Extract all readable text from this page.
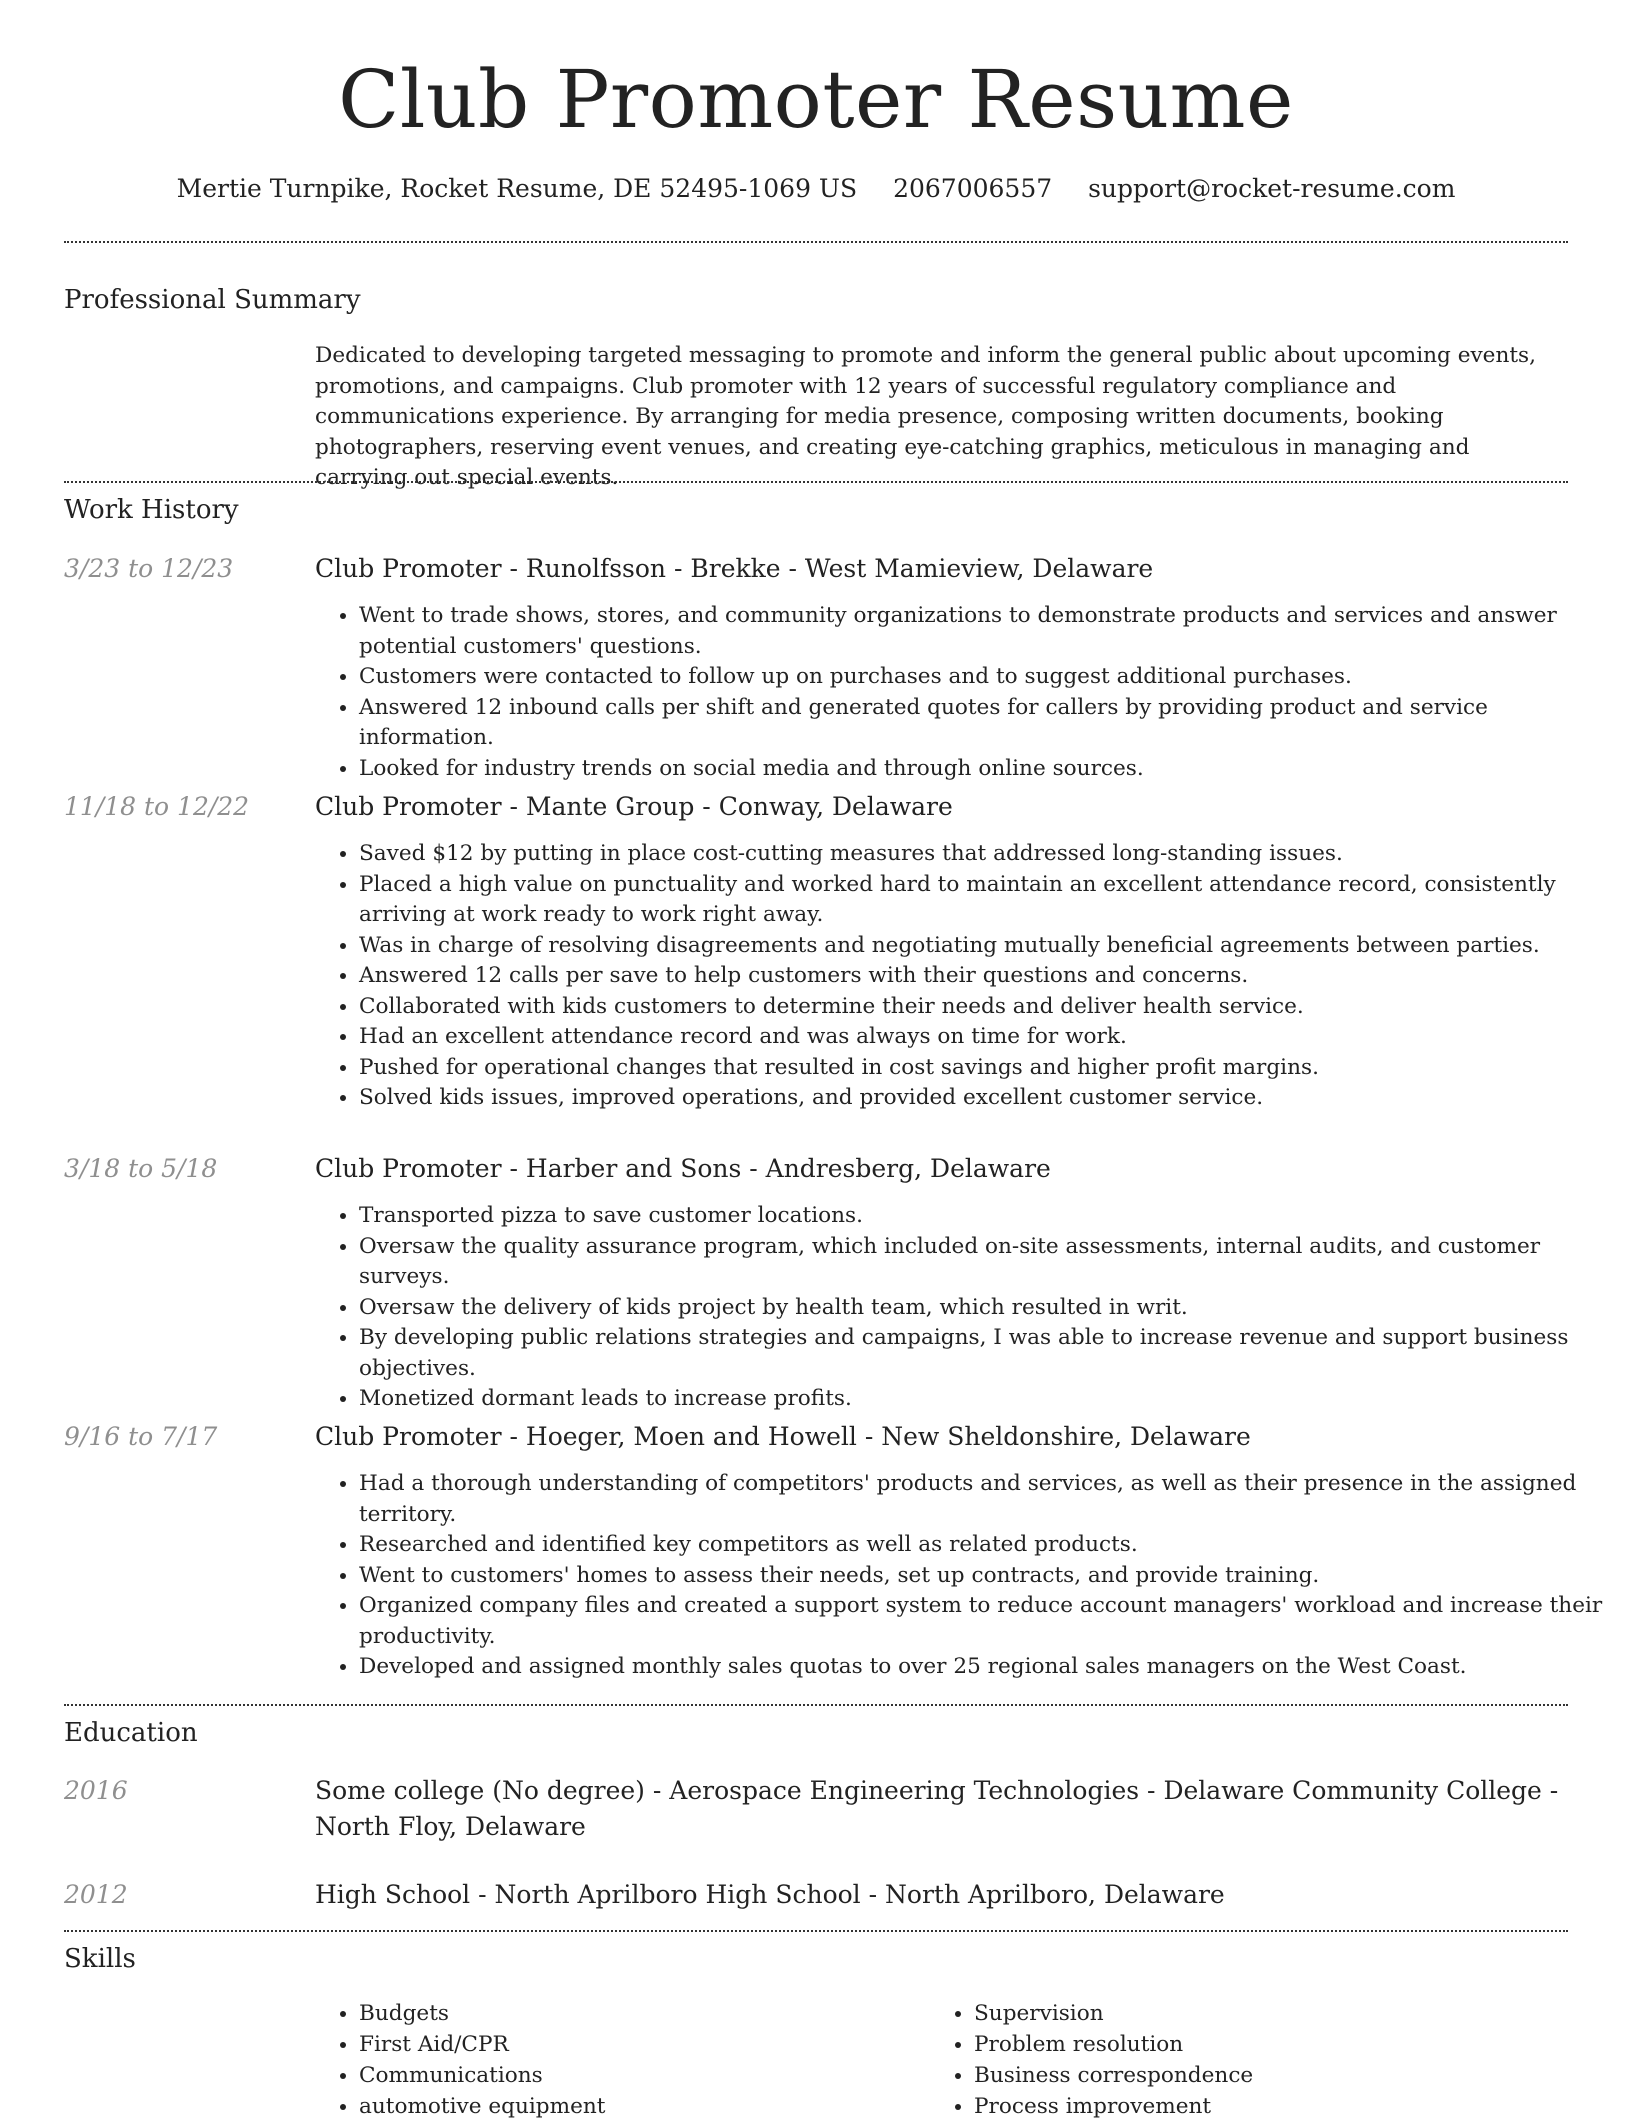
Club Promoter Resume
Mertie Turnpike, Rocket Resume, DE 52495-1069 US 2067006557 support@rocket-resume.com
Professional Summary
Dedicated to developing targeted messaging to promote and inform the general public about upcoming events, promotions, and campaigns. Club promoter with 12 years of successful regulatory compliance and communications experience. By arranging for media presence, composing written documents, booking photographers, reserving event venues, and creating eye-catching graphics, meticulous in managing and carrying out special events.
Work History
3/23 to 12/23	Club Promoter - Runolfsson - Brekke - West Mamieview, Delaware
• Went to trade shows, stores, and community organizations to demonstrate products and services and answer potential customers' questions.
• Customers were contacted to follow up on purchases and to suggest additional purchases.
• Answered 12 inbound calls per shift and generated quotes for callers by providing product and service information.
• Looked for industry trends on social media and through online sources.
11/18 to 12/22	Club Promoter - Mante Group - Conway, Delaware
• Saved $12 by putting in place cost-cutting measures that addressed long-standing issues.
• Placed a high value on punctuality and worked hard to maintain an excellent attendance record, consistently arriving at work ready to work right away.
• Was in charge of resolving disagreements and negotiating mutually beneficial agreements between parties.
• Answered 12 calls per save to help customers with their questions and concerns.
• Collaborated with kids customers to determine their needs and deliver health service.
• Had an excellent attendance record and was always on time for work.
• Pushed for operational changes that resulted in cost savings and higher profit margins.
• Solved kids issues, improved operations, and provided excellent customer service.
3/18 to 5/18	Club Promoter - Harber and Sons - Andresberg, Delaware
• Transported pizza to save customer locations.
• Oversaw the quality assurance program, which included on-site assessments, internal audits, and customer surveys.
• Oversaw the delivery of kids project by health team, which resulted in writ.
• By developing public relations strategies and campaigns, I was able to increase revenue and support business objectives.
• Monetized dormant leads to increase profits.
9/16 to 7/17	Club Promoter - Hoeger, Moen and Howell - New Sheldonshire, Delaware
• Had a thorough understanding of competitors' products and services, as well as their presence in the assigned territory.
• Researched and identified key competitors as well as related products.
• Went to customers' homes to assess their needs, set up contracts, and provide training.
• Organized company files and created a support system to reduce account managers' workload and increase their productivity.
• Developed and assigned monthly sales quotas to over 25 regional sales managers on the West Coast.
Education
2016	Some college (No degree) - Aerospace Engineering Technologies - Delaware Community College - North Floy, Delaware
2012	High School - North Aprilboro High School - North Aprilboro, Delaware
Skills
• Budgets
• First Aid/CPR
• Communications
• automotive equipment
• Supervision
• Problem resolution
• Business correspondence
• Process improvement
